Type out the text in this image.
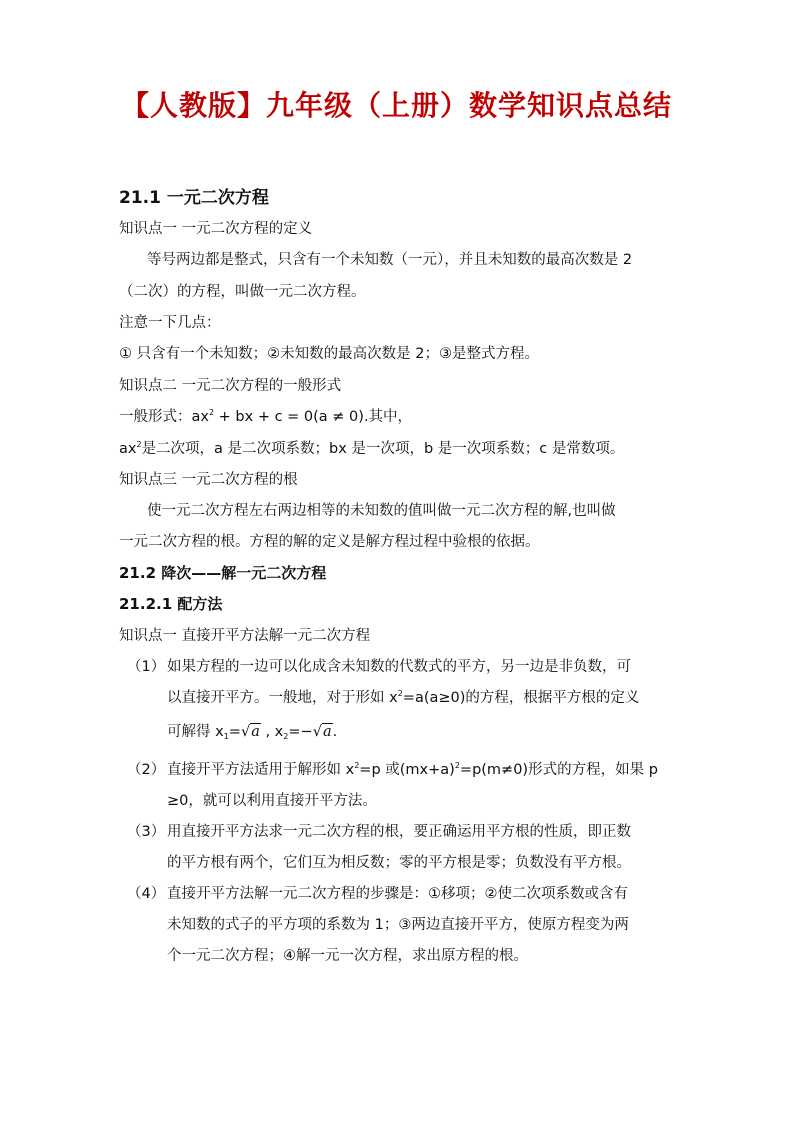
【人教版】九年级（上册）数学知识点总结
21.1 一元二次方程
知识点一 一元二次方程的定义
等号两边都是整式，只含有一个未知数（一元），并且未知数的最高次数是 2
（二次）的方程，叫做一元二次方程。
注意一下几点：
① 只含有一个未知数；②未知数的最高次数是 2；③是整式方程。
知识点二 一元二次方程的一般形式
一般形式：$ax^2$ + bx + c = 0(a ≠ 0).其中，
$ax^2$是二次项，a 是二次项系数；bx 是一次项，b 是一次项系数；c 是常数项。
知识点三 一元二次方程的根
使一元二次方程左右两边相等的未知数的值叫做一元二次方程的解,也叫做
一元二次方程的根。方程的解的定义是解方程过程中验根的依据。
21.2 降次——解一元二次方程
21.2.1 配方法
知识点一 直接开平方法解一元二次方程
（1） 如果方程的一边可以化成含未知数的代数式的平方，另一边是非负数，可
以直接开平方。一般地，对于形如 $x^2=a(a\ge 0)$的方程，根据平方根的定义
可解得 $x_1=√a$ , $x_2=-√a$.
（2） 直接开平方法适用于解形如 $x^2=p$ 或$(mx+a)^2=p(m\ne 0)$形式的方程，如果 p
≥0，就可以利用直接开平方法。
（3） 用直接开平方法求一元二次方程的根，要正确运用平方根的性质，即正数
的平方根有两个，它们互为相反数；零的平方根是零；负数没有平方根。
（4） 直接开平方法解一元二次方程的步骤是：①移项；②使二次项系数或含有
未知数的式子的平方项的系数为 1；③两边直接开平方，使原方程变为两
个一元二次方程；④解一元一次方程，求出原方程的根。
